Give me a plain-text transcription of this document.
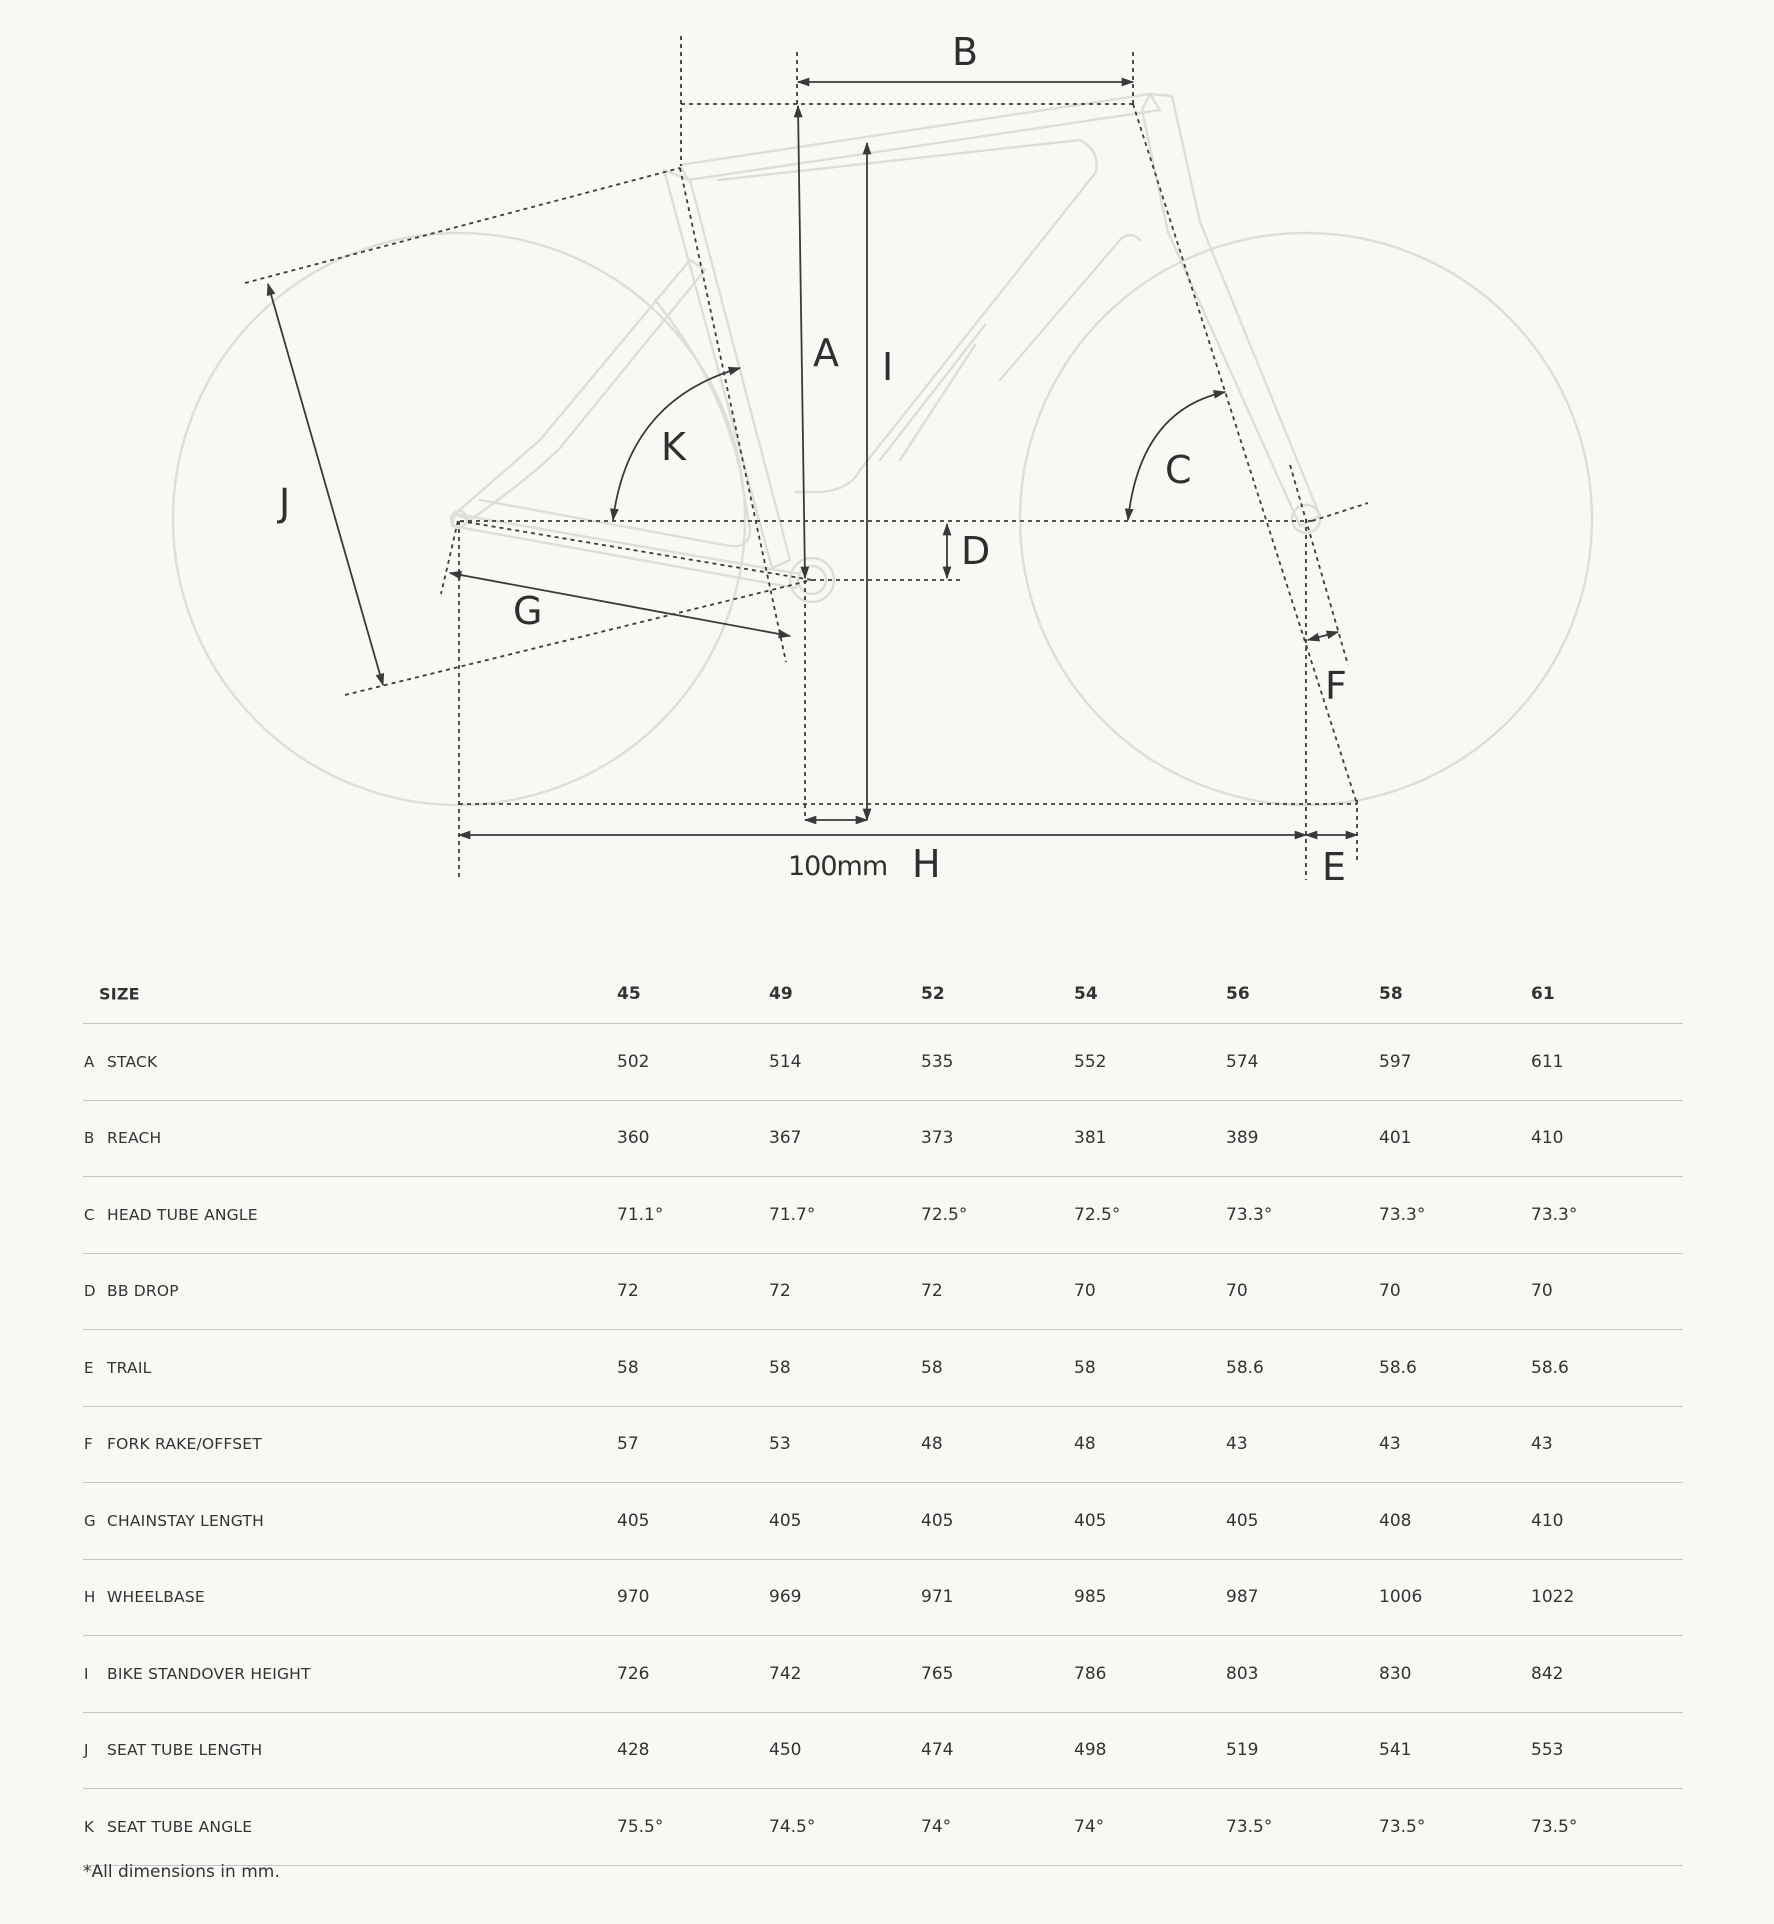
A
B
C
D
E
F
G
H
I
J
K
100mm
SIZE	45	49	52	54	56	58	61
A STACK	502	514	535	552	574	597	611
B REACH	360	367	373	381	389	401	410
C HEAD TUBE ANGLE	71.1°	71.7°	72.5°	72.5°	73.3°	73.3°	73.3°
D BB DROP	72	72	72	70	70	70	70
E TRAIL	58	58	58	58	58.6	58.6	58.6
F FORK RAKE/OFFSET	57	53	48	48	43	43	43
G CHAINSTAY LENGTH	405	405	405	405	405	408	410
H WHEELBASE	970	969	971	985	987	1006	1022
I BIKE STANDOVER HEIGHT	726	742	765	786	803	830	842
J SEAT TUBE LENGTH	428	450	474	498	519	541	553
K SEAT TUBE ANGLE	75.5°	74.5°	74°	74°	73.5°	73.5°	73.5°
*All dimensions in mm.
